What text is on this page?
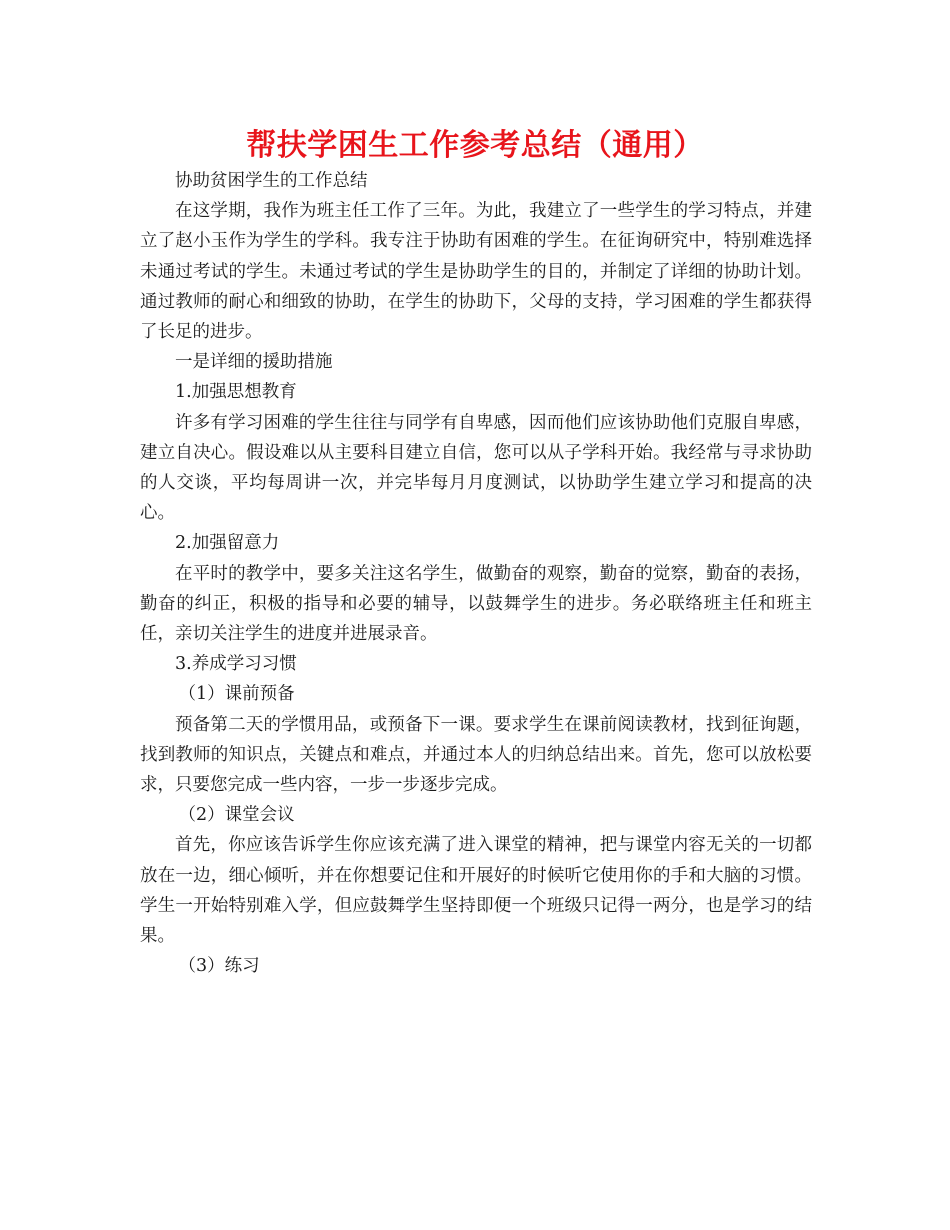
帮扶学困生工作参考总结（通用）

协助贫困学生的工作总结

在这学期，我作为班主任工作了三年。为此，我建立了一些学生的学习特点，并建立了赵小玉作为学生的学科。我专注于协助有困难的学生。在征询研究中，特别难选择未通过考试的学生。未通过考试的学生是协助学生的目的，并制定了详细的协助计划。通过教师的耐心和细致的协助，在学生的协助下，父母的支持，学习困难的学生都获得了长足的进步。

一是详细的援助措施

1.加强思想教育

许多有学习困难的学生往往与同学有自卑感，因而他们应该协助他们克服自卑感，建立自决心。假设难以从主要科目建立自信，您可以从子学科开始。我经常与寻求协助的人交谈，平均每周讲一次，并完毕每月月度测试，以协助学生建立学习和提高的决心。

2.加强留意力

在平时的教学中，要多关注这名学生，做勤奋的观察，勤奋的觉察，勤奋的表扬，勤奋的纠正，积极的指导和必要的辅导，以鼓舞学生的进步。务必联络班主任和班主任，亲切关注学生的进度并进展录音。

3.养成学习习惯

（1）课前预备

预备第二天的学惯用品，或预备下一课。要求学生在课前阅读教材，找到征询题，找到教师的知识点，关键点和难点，并通过本人的归纳总结出来。首先，您可以放松要求，只要您完成一些内容，一步一步逐步完成。

（2）课堂会议

首先，你应该告诉学生你应该充满了进入课堂的精神，把与课堂内容无关的一切都放在一边，细心倾听，并在你想要记住和开展好的时候听它使用你的手和大脑的习惯。学生一开始特别难入学，但应鼓舞学生坚持即便一个班级只记得一两分，也是学习的结果。

（3）练习
